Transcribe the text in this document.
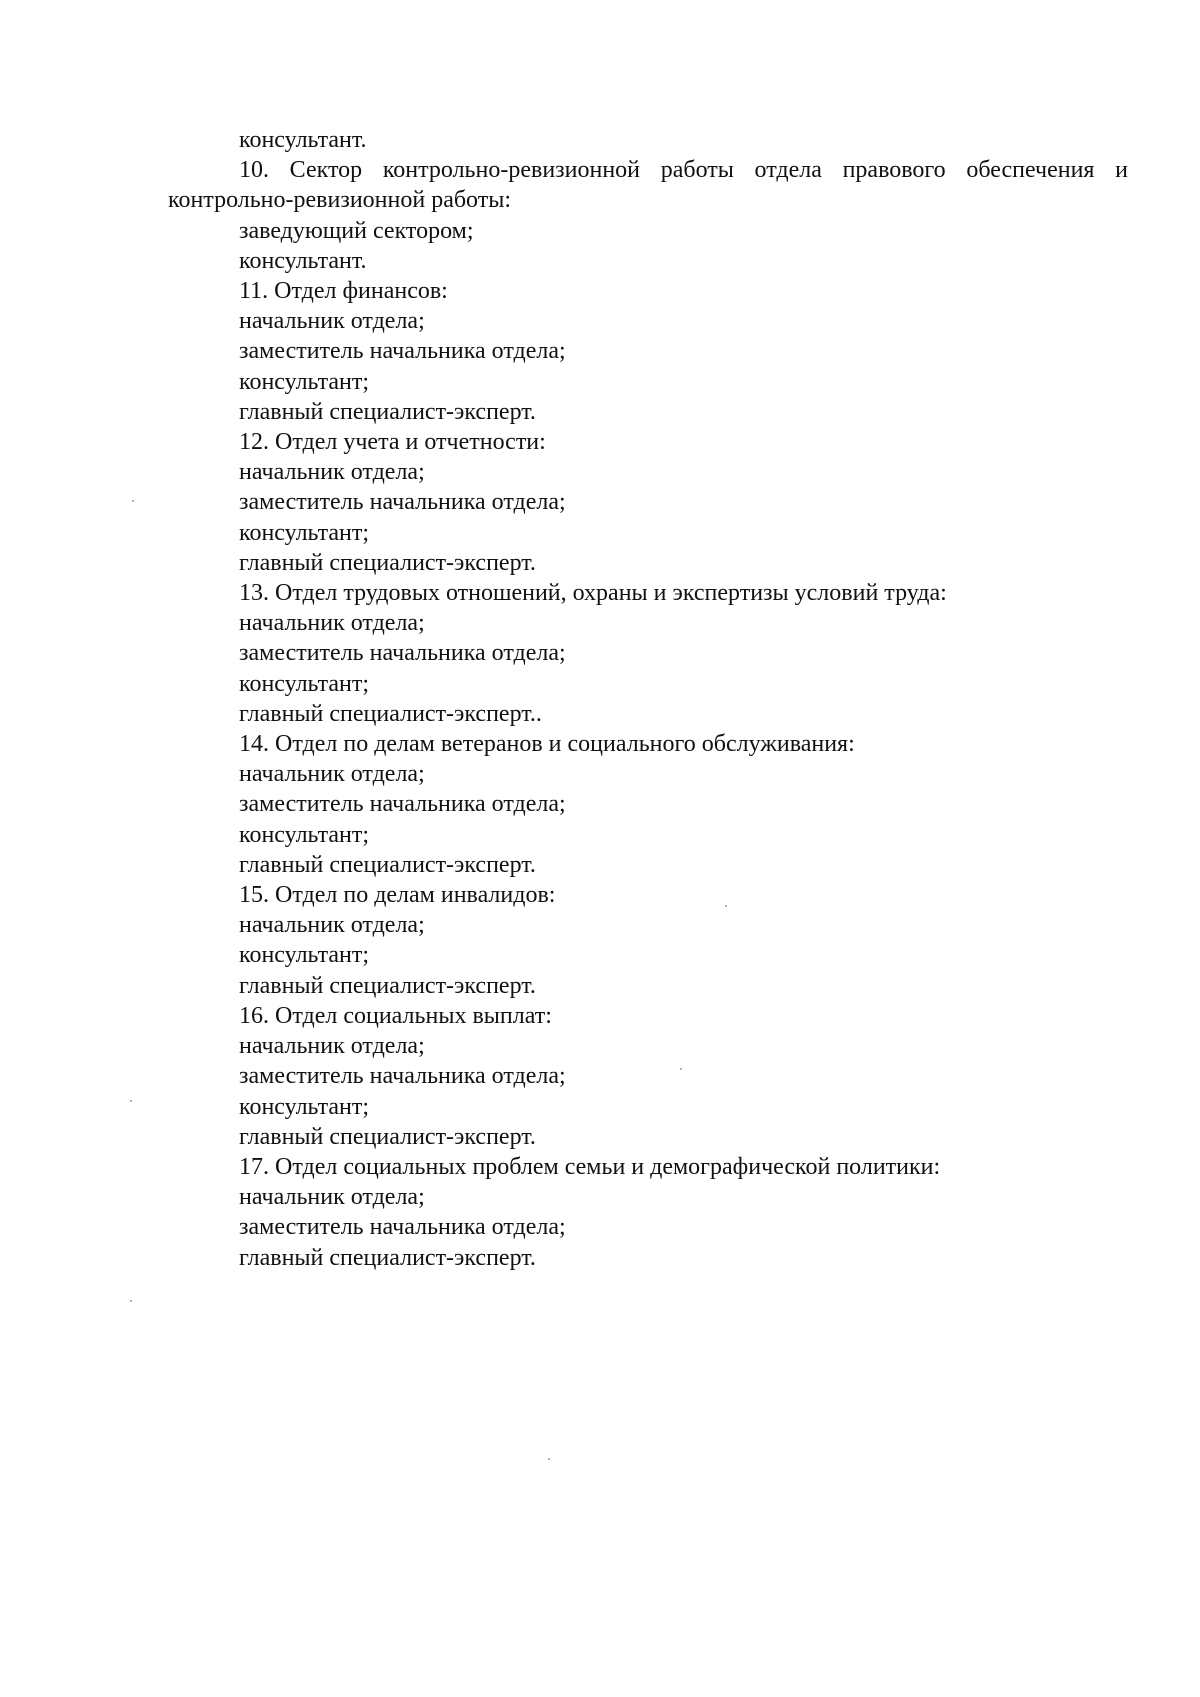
консультант.

10. Сектор контрольно-ревизионной работы отдела правового обеспечения и

контрольно-ревизионной работы:

заведующий сектором;

консультант.

11. Отдел финансов:

начальник отдела;

заместитель начальника отдела;

консультант;

главный специалист-эксперт.

12. Отдел учета и отчетности:

начальник отдела;

заместитель начальника отдела;

консультант;

главный специалист-эксперт.

13. Отдел трудовых отношений, охраны и экспертизы условий труда:

начальник отдела;

заместитель начальника отдела;

консультант;

главный специалист-эксперт..

14. Отдел по делам ветеранов и социального обслуживания:

начальник отдела;

заместитель начальника отдела;

консультант;

главный специалист-эксперт.

15. Отдел по делам инвалидов:

начальник отдела;

консультант;

главный специалист-эксперт.

16. Отдел социальных выплат:

начальник отдела;

заместитель начальника отдела;

консультант;

главный специалист-эксперт.

17. Отдел социальных проблем семьи и демографической политики:

начальник отдела;

заместитель начальника отдела;

главный специалист-эксперт.
